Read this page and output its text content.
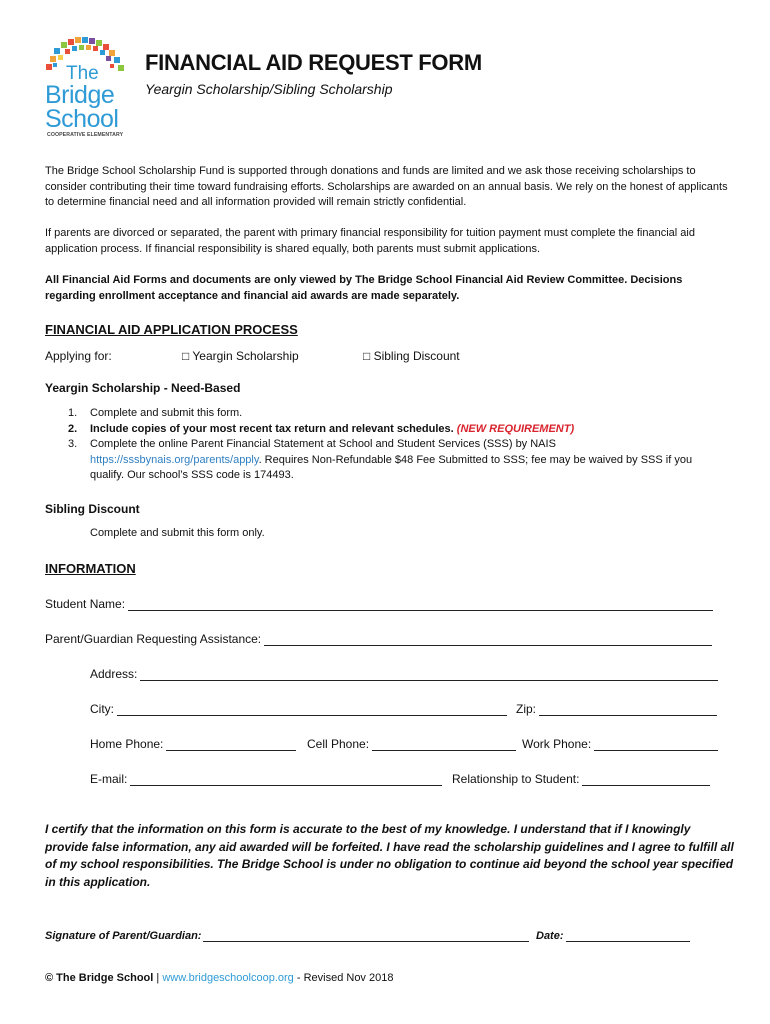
The
Bridge
School
COOPERATIVE ELEMENTARY
FINANCIAL AID REQUEST FORM
Yeargin Scholarship/Sibling Scholarship
The Bridge School Scholarship Fund is supported through donations and funds are limited and we ask those receiving scholarships to consider contributing their time toward fundraising efforts. Scholarships are awarded on an annual basis. We rely on the honest of applicants to determine financial need and all information provided will remain strictly confidential.
If parents are divorced or separated, the parent with primary financial responsibility for tuition payment must complete the financial aid application process. If financial responsibility is shared equally, both parents must submit applications.
All Financial Aid Forms and documents are only viewed by The Bridge School Financial Aid Review Committee. Decisions regarding enrollment acceptance and financial aid awards are made separately.
FINANCIAL AID APPLICATION PROCESS
Applying for:	□ Yeargin Scholarship	□ Sibling Discount
Yeargin Scholarship - Need-Based
1. Complete and submit this form.
2. Include copies of your most recent tax return and relevant schedules. (NEW REQUIREMENT)
3. Complete the online Parent Financial Statement at School and Student Services (SSS) by NAIS https://sssbynais.org/parents/apply. Requires Non-Refundable $48 Fee Submitted to SSS; fee may be waived by SSS if you qualify. Our school’s SSS code is 174493.
Sibling Discount
Complete and submit this form only.
INFORMATION
Student Name:
Parent/Guardian Requesting Assistance:
Address:
City:	Zip:
Home Phone:	Cell Phone:	Work Phone:
E-mail:	Relationship to Student:
I certify that the information on this form is accurate to the best of my knowledge. I understand that if I knowingly provide false information, any aid awarded will be forfeited. I have read the scholarship guidelines and I agree to fulfill all of my school responsibilities. The Bridge School is under no obligation to continue aid beyond the school year specified in this application.
Signature of Parent/Guardian:	Date:
© The Bridge School | www.bridgeschoolcoop.org - Revised Nov 2018
